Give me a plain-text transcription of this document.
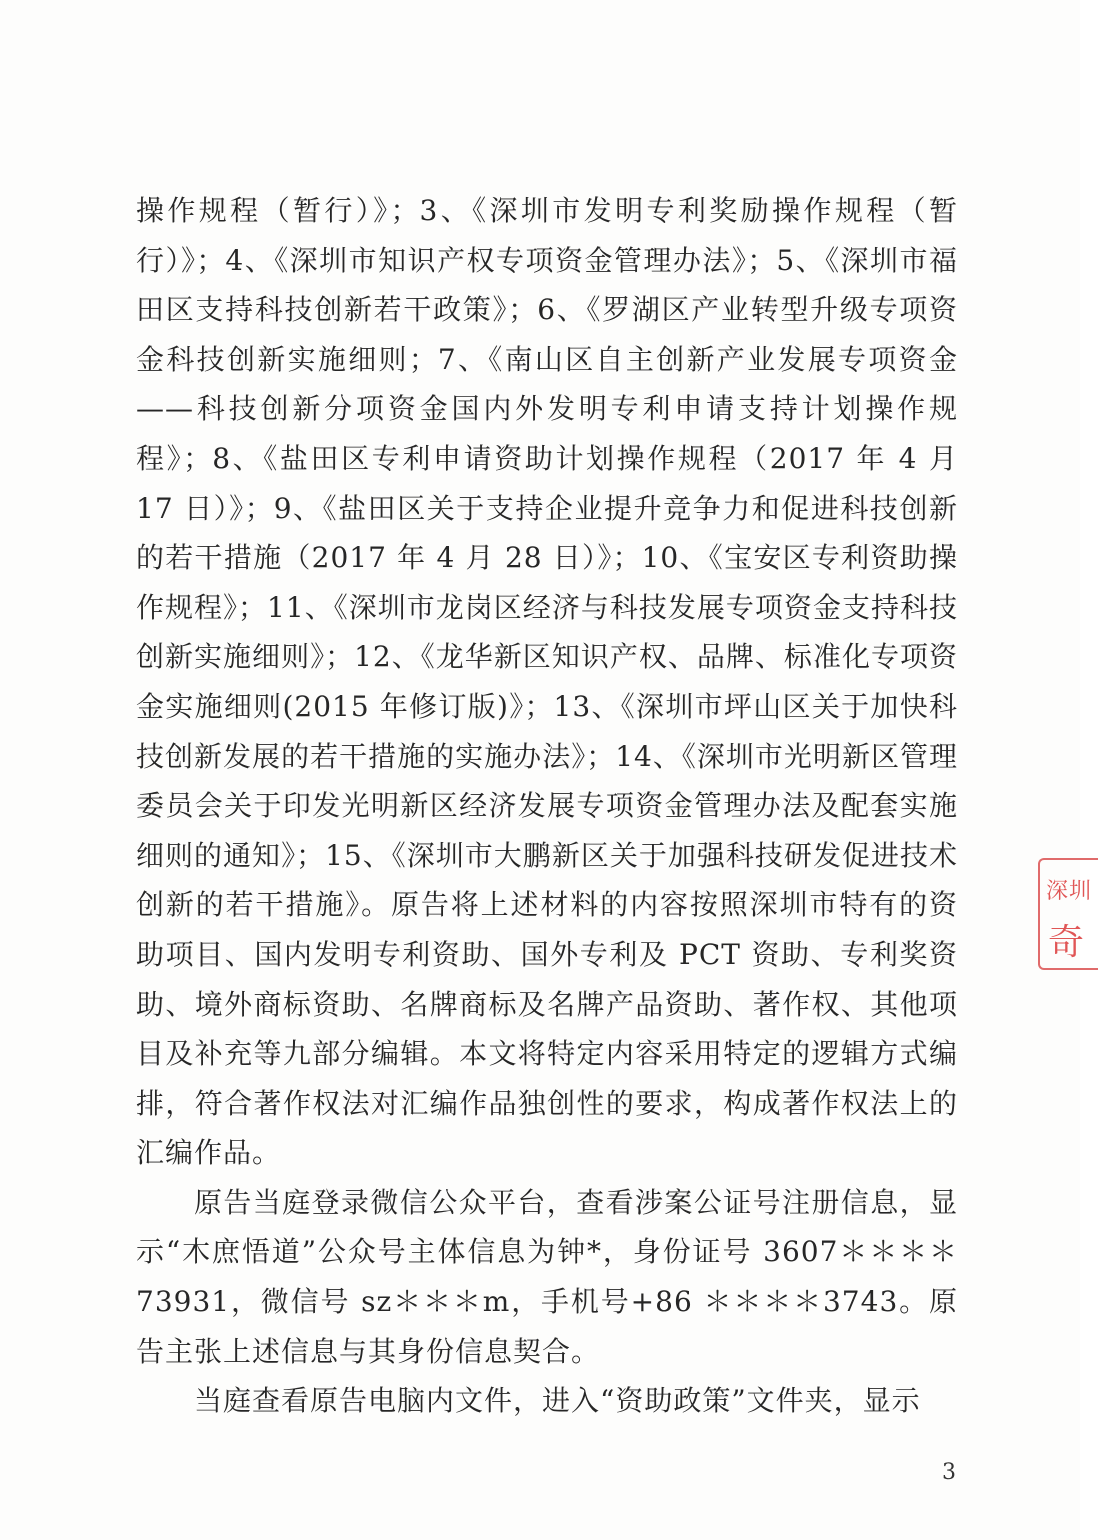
操作规程（暂行）》；3、《深圳市发明专利奖励操作规程（暂行）》；4、《深圳市知识产权专项资金管理办法》；5、《深圳市福田区支持科技创新若干政策》；6、《罗湖区产业转型升级专项资金科技创新实施细则；7、《南山区自主创新产业发展专项资金——科技创新分项资金国内外发明专利申请支持计划操作规程》；8、《盐田区专利申请资助计划操作规程（2017 年 4 月 17 日）》；9、《盐田区关于支持企业提升竞争力和促进科技创新的若干措施（2017 年 4 月 28 日）》；10、《宝安区专利资助操作规程》；11、《深圳市龙岗区经济与科技发展专项资金支持科技创新实施细则》；12、《龙华新区知识产权、品牌、标准化专项资金实施细则(2015 年修订版)》；13、《深圳市坪山区关于加快科技创新发展的若干措施的实施办法》；14、《深圳市光明新区管理委员会关于印发光明新区经济发展专项资金管理办法及配套实施细则的通知》；15、《深圳市大鹏新区关于加强科技研发促进技术创新的若干措施》。原告将上述材料的内容按照深圳市特有的资助项目、国内发明专利资助、国外专利及 PCT 资助、专利奖资助、境外商标资助、名牌商标及名牌产品资助、著作权、其他项目及补充等九部分编辑。本文将特定内容采用特定的逻辑方式编排，符合著作权法对汇编作品独创性的要求，构成著作权法上的汇编作品。

原告当庭登录微信公众平台，查看涉案公证号注册信息，显示“木庶悟道”公众号主体信息为钟*，身份证号 3607＊＊＊＊73931，微信号 sz＊＊＊m，手机号+86 ＊＊＊＊3743。原告主张上述信息与其身份信息契合。

当庭查看原告电脑内文件，进入“资助政策”文件夹，显示

深圳
奇
3
